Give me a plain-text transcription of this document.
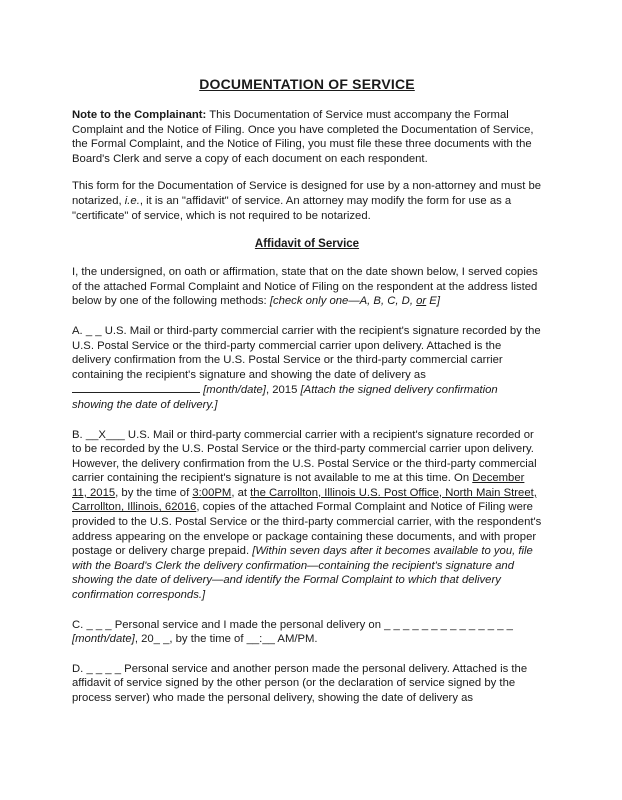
DOCUMENTATION OF SERVICE

Note to the Complainant: This Documentation of Service must accompany the Formal Complaint and the Notice of Filing. Once you have completed the Documentation of Service, the Formal Complaint, and the Notice of Filing, you must file these three documents with the Board's Clerk and serve a copy of each document on each respondent.

This form for the Documentation of Service is designed for use by a non-attorney and must be notarized, i.e., it is an "affidavit" of service. An attorney may modify the form for use as a "certificate" of service, which is not required to be notarized.

Affidavit of Service

I, the undersigned, on oath or affirmation, state that on the date shown below, I served copies of the attached Formal Complaint and Notice of Filing on the respondent at the address listed below by one of the following methods: [check only one—A, B, C, D, or E]

A. _ _ U.S. Mail or third-party commercial carrier with the recipient's signature recorded by the U.S. Postal Service or the third-party commercial carrier upon delivery. Attached is the delivery confirmation from the U.S. Postal Service or the third-party commercial carrier containing the recipient's signature and showing the date of delivery as  [month/date], 2015 [Attach the signed delivery confirmation showing the date of delivery.]

B. __X___ U.S. Mail or third-party commercial carrier with a recipient's signature recorded or to be recorded by the U.S. Postal Service or the third-party commercial carrier upon delivery. However, the delivery confirmation from the U.S. Postal Service or the third-party commercial carrier containing the recipient's signature is not available to me at this time. On December 11, 2015, by the time of 3:00PM, at the Carrollton, Illinois U.S. Post Office, North Main Street, Carrollton, Illinois, 62016, copies of the attached Formal Complaint and Notice of Filing were provided to the U.S. Postal Service or the third-party commercial carrier, with the respondent's address appearing on the envelope or package containing these documents, and with proper postage or delivery charge prepaid. [Within seven days after it becomes available to you, file with the Board's Clerk the delivery confirmation—containing the recipient's signature and showing the date of delivery—and identify the Formal Complaint to which that delivery confirmation corresponds.]

C. _ _ _ Personal service and I made the personal delivery on _ _ _ _ _ _ _ _ _ _ _ _ _ _ [month/date], 20_ _, by the time of __:__ AM/PM.

D. _ _ _ _ Personal service and another person made the personal delivery. Attached is the affidavit of service signed by the other person (or the declaration of service signed by the process server) who made the personal delivery, showing the date of delivery as
